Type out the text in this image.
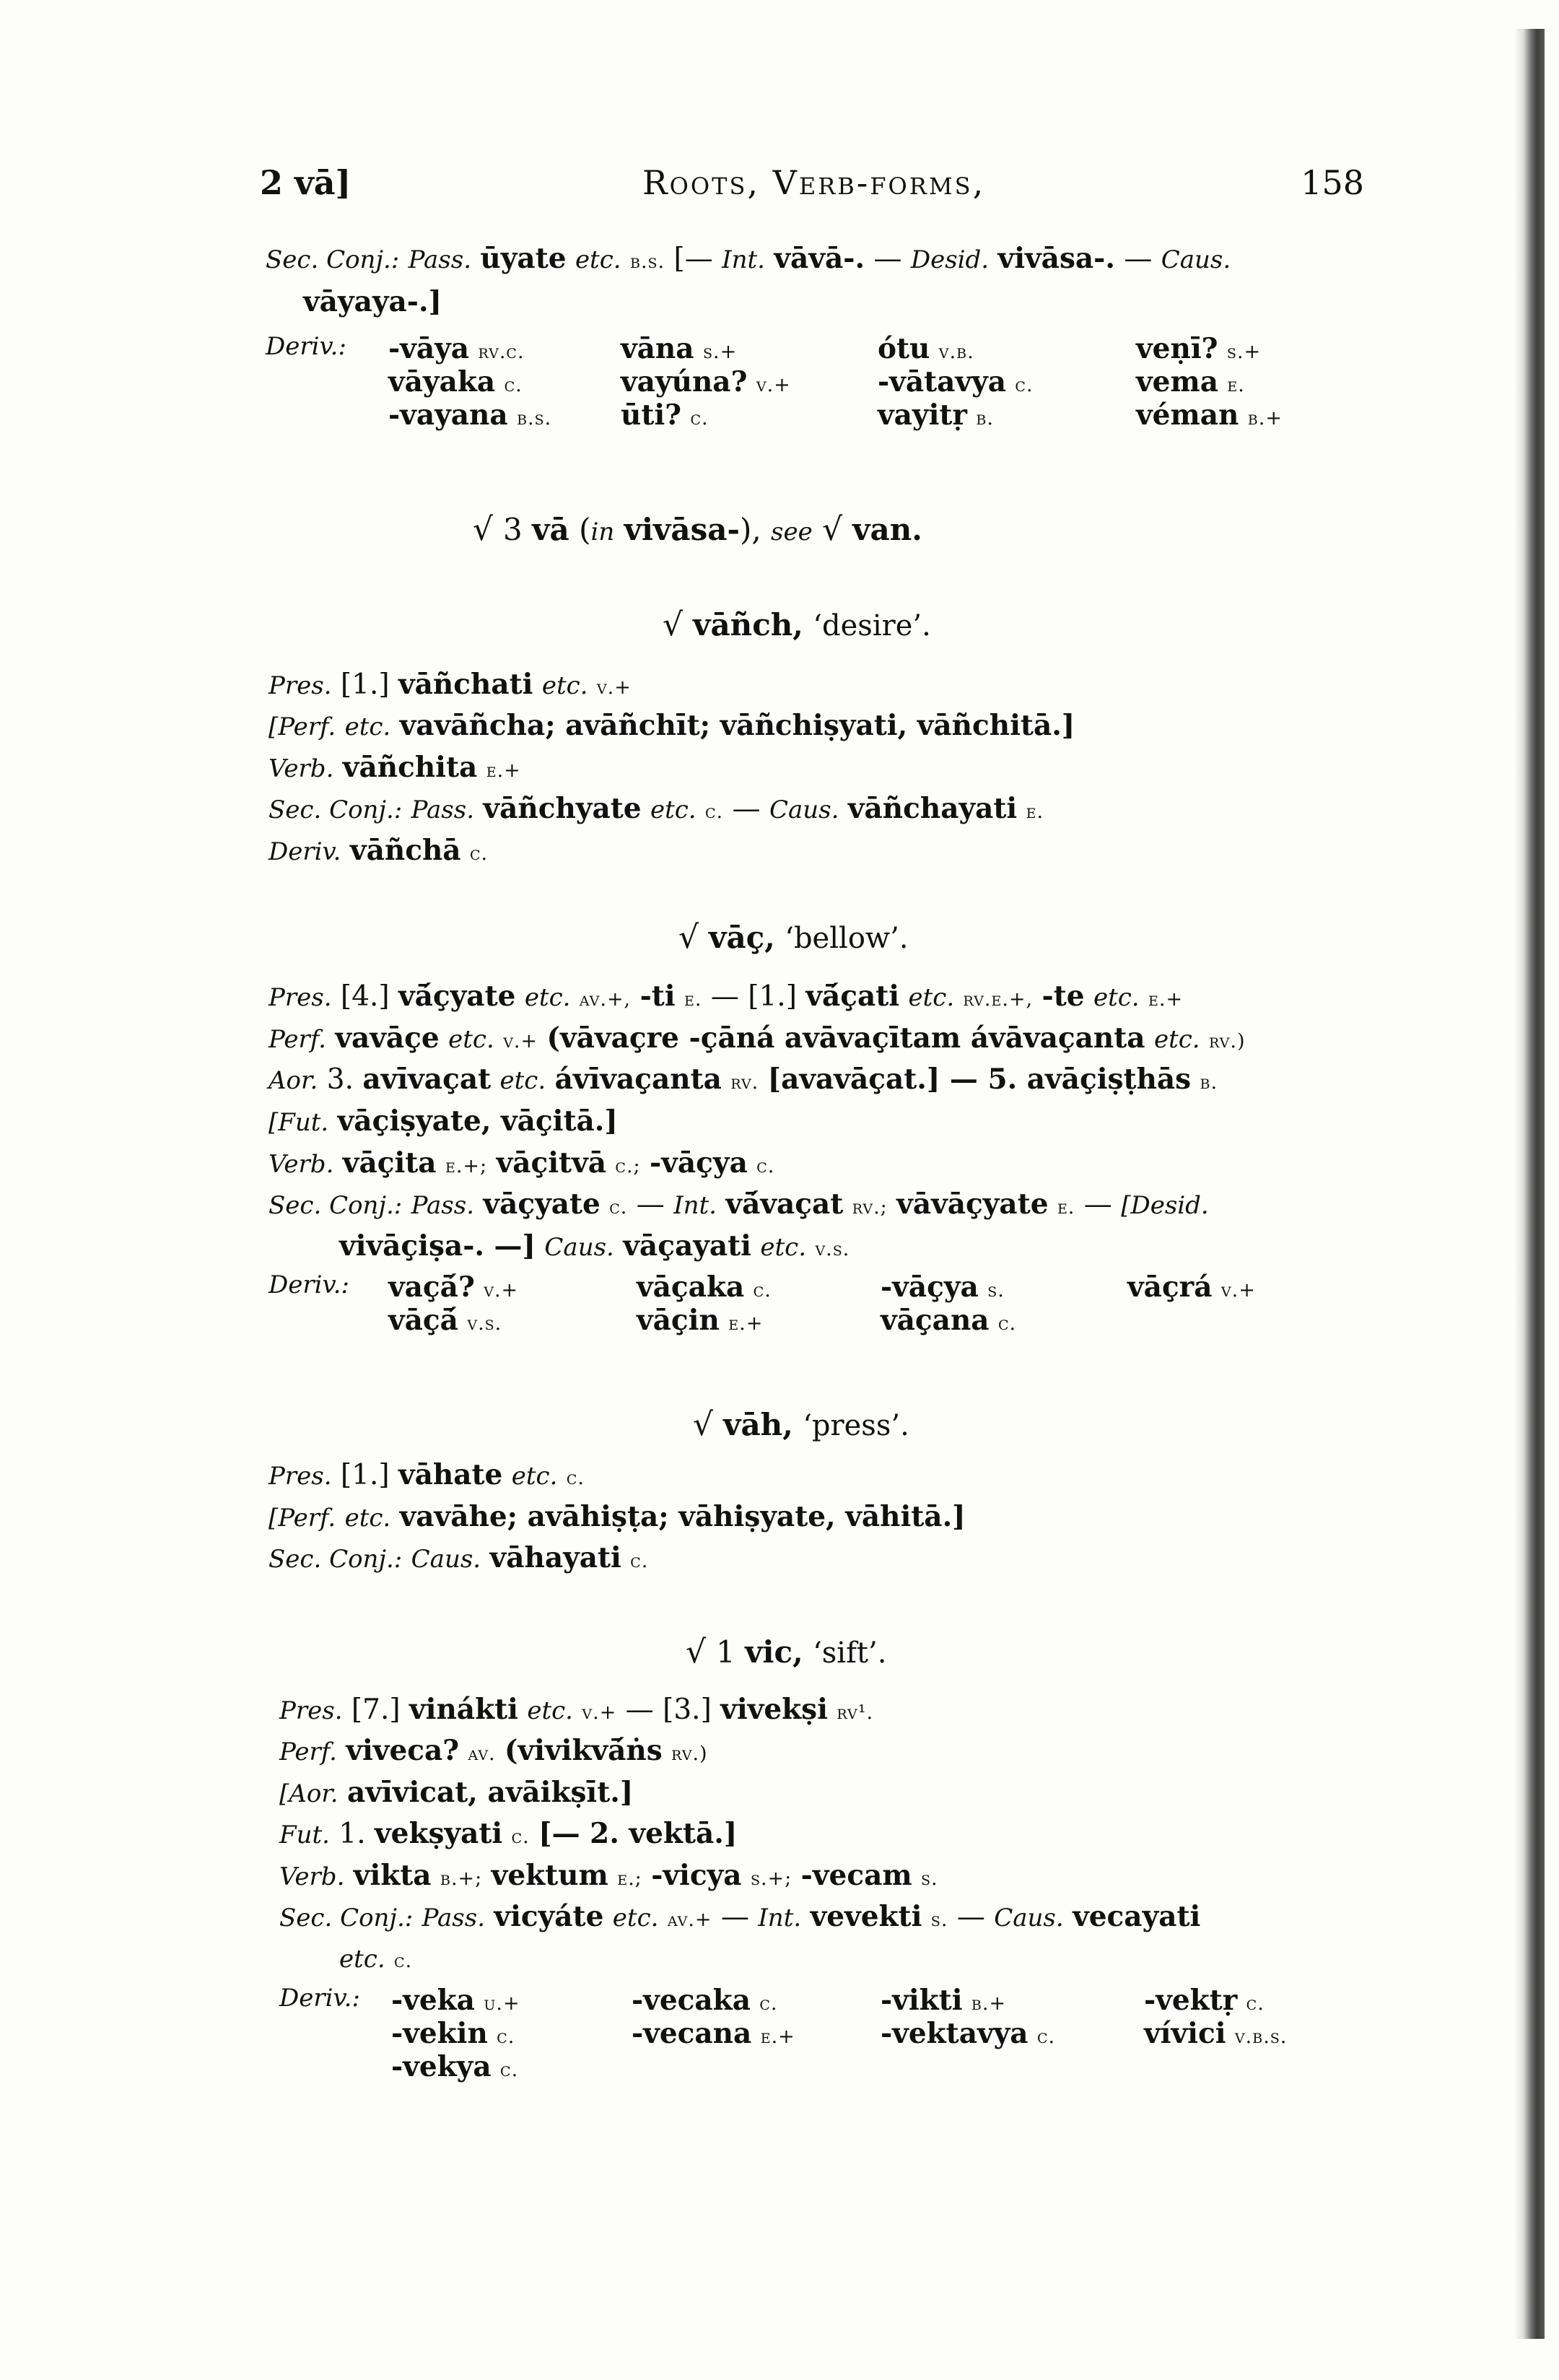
2 vā]	Roots, Verb-forms,	158
Sec. Conj.: Pass. ūyate etc. b.s. [— Int. vāvā-. — Desid. vivāsa-. — Caus.
vāyaya-.]
Deriv.: -vāya rv.c.
vāyaka c.
-vayana b.s.
vāna s.+
vayúna? v.+
ūti? c.
ótu v.b.
-vātavya c.
vayitṛ b.
veṇī? s.+
vema e.
véman b.+
√ 3 vā (in vivāsa-), see √ van.
√ vāñch, ‘desire’.
Pres. [1.] vāñchati etc. v.+
[Perf. etc. vavāñcha; avāñchīt; vāñchiṣyati, vāñchitā.]
Verb. vāñchita e.+
Sec. Conj.: Pass. vāñchyate etc. c. — Caus. vāñchayati e.
Deriv. vāñchā c.
√ vāç, ‘bellow’.
Pres. [4.] vā́çyate etc. av.+, -ti e. — [1.] vā́çati etc. rv.e.+, -te etc. e.+
Perf. vavāçe etc. v.+ (vāvaçre -çāná avāvaçītam ávāvaçanta etc. rv.)
Aor. 3. avīvaçat etc. ávīvaçanta rv. [avavāçat.] — 5. avāçiṣṭhās b.
[Fut. vāçiṣyate, vāçitā.]
Verb. vāçita e.+; vāçitvā c.; -vāçya c.
Sec. Conj.: Pass. vāçyate c. — Int. vā́vaçat rv.; vāvāçyate e. — [Desid.
vivāçiṣa-. —] Caus. vāçayati etc. v.s.
Deriv.: vaçā́? v.+
vāçā́ v.s.
vāçaka c.
vāçin e.+
-vāçya s.
vāçana c.
vāçrá v.+
√ vāh, ‘press’.
Pres. [1.] vāhate etc. c.
[Perf. etc. vavāhe; avāhiṣṭa; vāhiṣyate, vāhitā.]
Sec. Conj.: Caus. vāhayati c.
√ 1 vic, ‘sift’.
Pres. [7.] vinákti etc. v.+ — [3.] vivekṣi rv¹.
Perf. viveca? av. (vivikvā́ṅs rv.)
[Aor. avīvicat, avāikṣīt.]
Fut. 1. vekṣyati c. [— 2. vektā.]
Verb. vikta b.+; vektum e.; -vicya s.+; -vecam s.
Sec. Conj.: Pass. vicyáte etc. av.+ — Int. vevekti s. — Caus. vecayati
etc. c.
Deriv.: -veka u.+
-vekin c.
-vekya c.
-vecaka c.
-vecana e.+
-vikti b.+
-vektavya c.
-vektṛ c.
vívici v.b.s.
